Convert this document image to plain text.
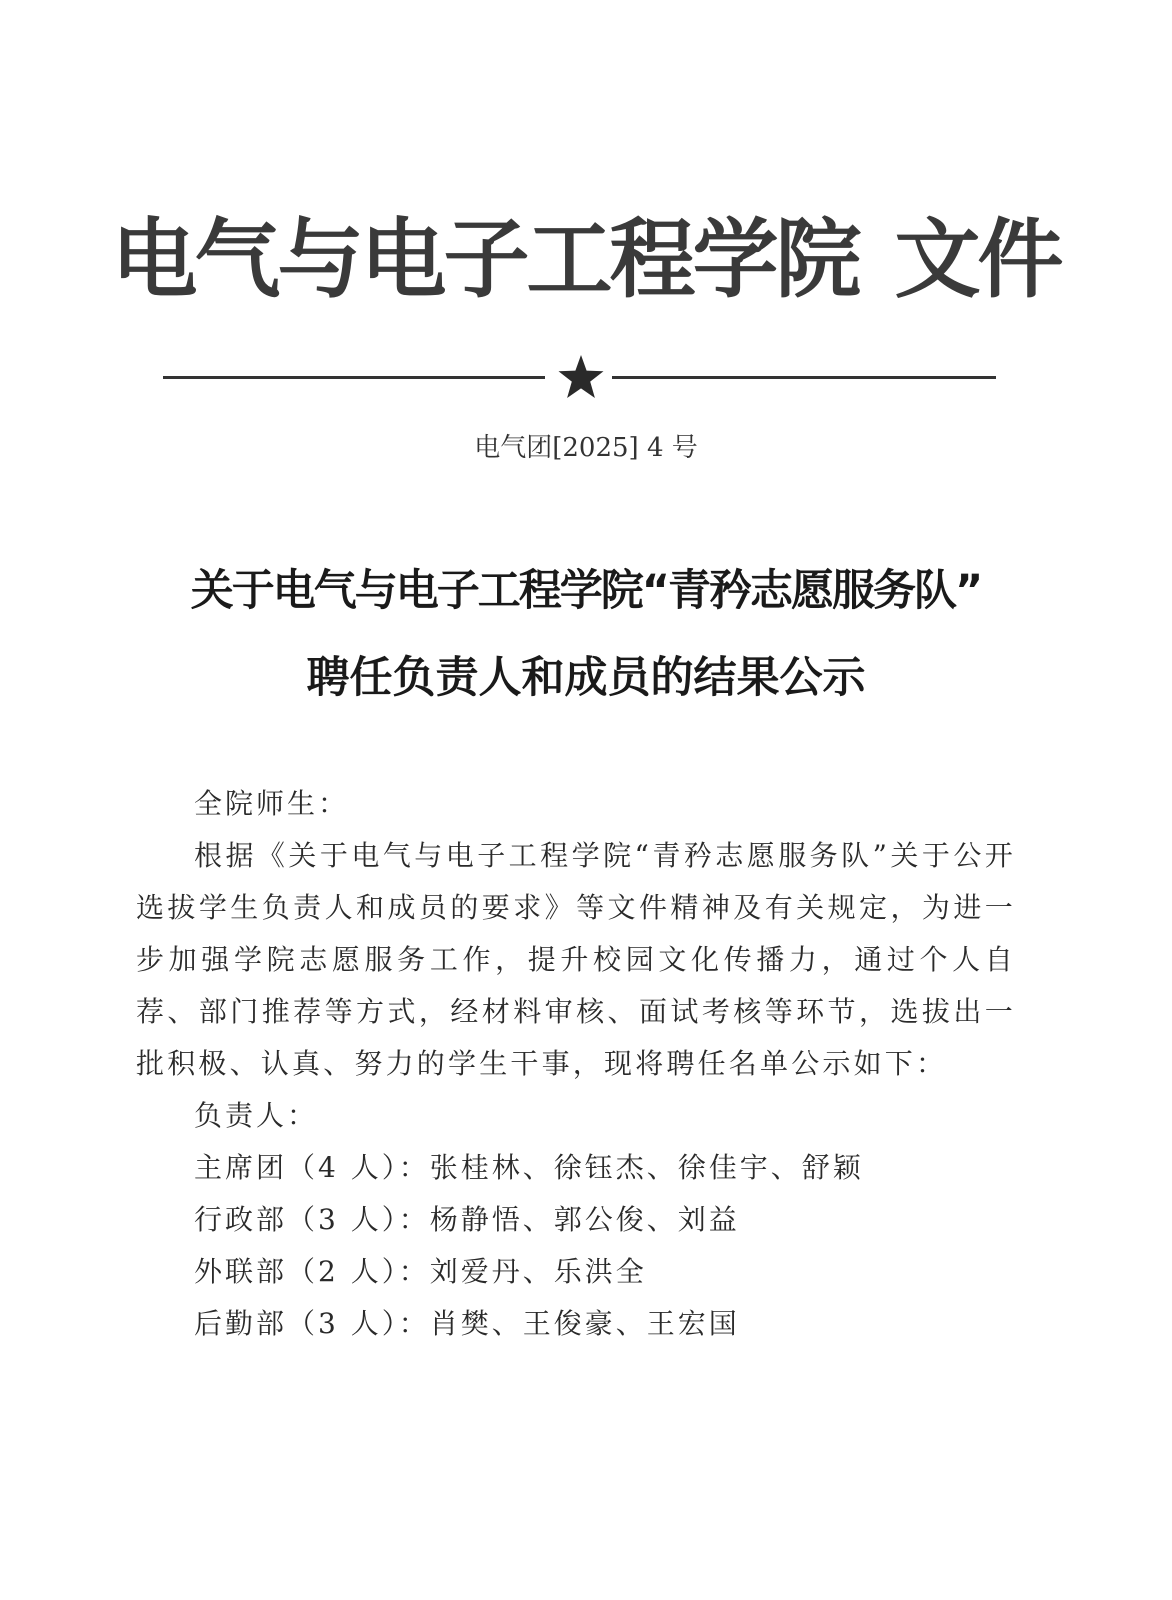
电气与电子工程学院 文件
电气团[2025] 4 号
关于电气与电子工程学院“青矜志愿服务队”
聘任负责人和成员的结果公示
全院师生：
根据《关于电气与电子工程学院“青矜志愿服务队”关于公开选拔学生负责人和成员的要求》等文件精神及有关规定，为进一步加强学院志愿服务工作，提升校园文化传播力，通过个人自荐、部门推荐等方式，经材料审核、面试考核等环节，选拔出一批积极、认真、努力的学生干事，现将聘任名单公示如下：
负责人：
主席团（4 人）：张桂林、徐钰杰、徐佳宇、舒颖
行政部（3 人）：杨静悟、郭公俊、刘益
外联部（2 人）：刘爱丹、乐洪全
后勤部（3 人）：肖樊、王俊豪、王宏国
